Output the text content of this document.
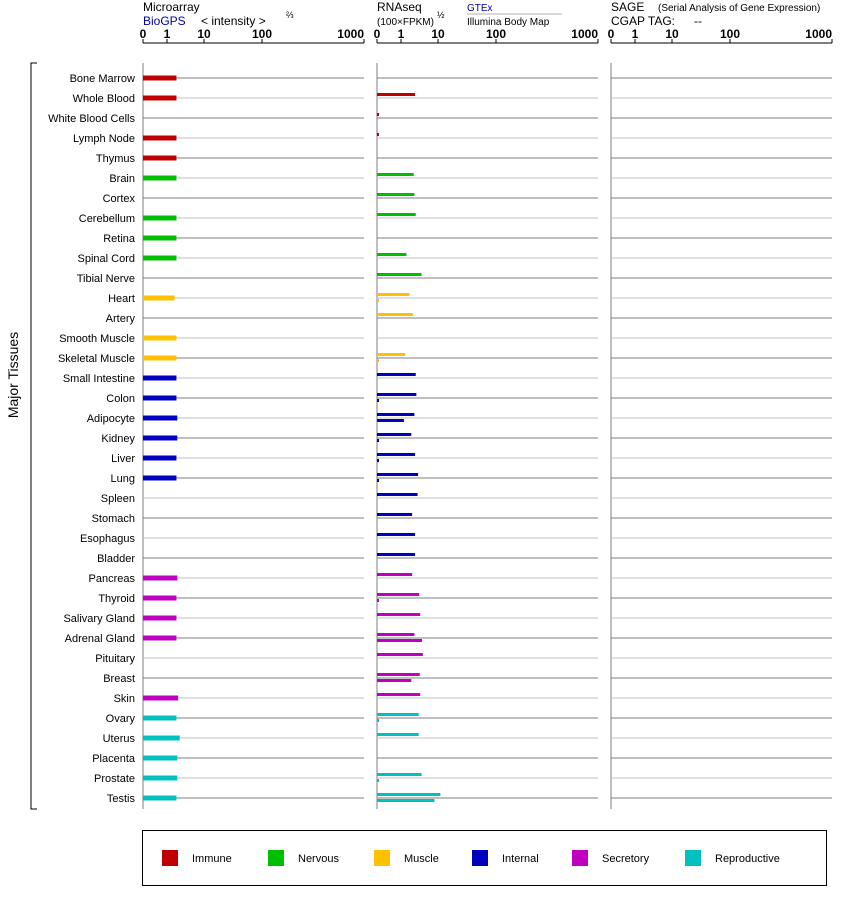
Microarray
BioGPS < intensity > ⅔
RNAseq
(100×FPKM)
½
GTEx
Illumina Body Map
SAGE (Serial Analysis of Gene Expression)
CGAP TAG: --
Major Tissues
0 1 10	100	1000 0 1 10	100	1000 0 1 10	100	1000
Bone Marrow
Whole Blood
White Blood Cells
Lymph Node
Thymus
Brain
Cortex
Cerebellum
Retina
Spinal Cord
Tibial Nerve
Heart
Artery
Smooth Muscle
Skeletal Muscle
Small Intestine
Colon
Adipocyte
Kidney
Liver
Lung
Spleen
Stomach
Esophagus
Bladder
Pancreas
Thyroid
Salivary Gland
Adrenal Gland
Pituitary
Breast
Skin
Ovary
Uterus
Placenta
Prostate
Testis
Immune	Nervous	Muscle	Internal	Secretory	Reproductive
